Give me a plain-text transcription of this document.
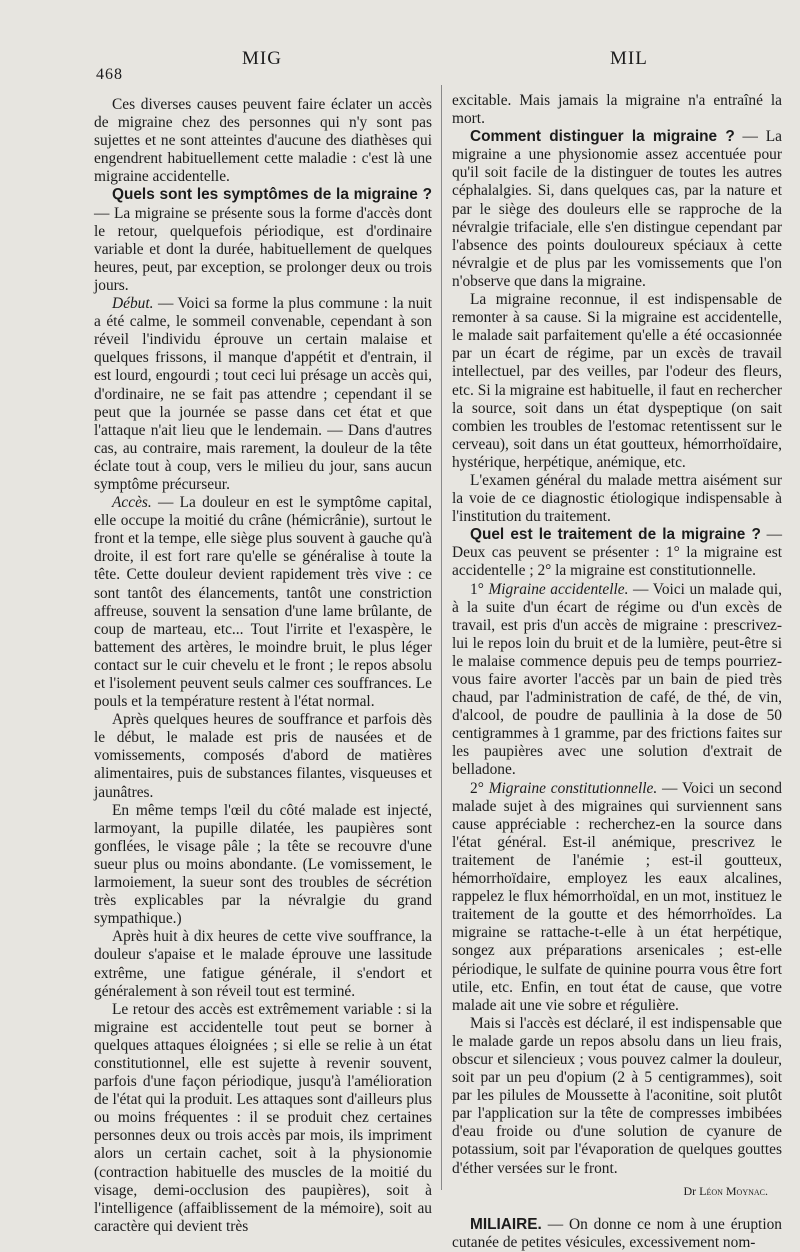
468
MIG	MIL

Ces diverses causes peuvent faire éclater un accès de migraine chez des personnes qui n'y sont pas sujettes et ne sont atteintes d'aucune des diathèses qui engendrent habituellement cette maladie : c'est là une migraine accidentelle.

Quels sont les symptômes de la migraine ? — La migraine se présente sous la forme d'accès dont le retour, quelquefois périodique, est d'ordinaire variable et dont la durée, habituellement de quelques heures, peut, par exception, se prolonger deux ou trois jours.

Début. — Voici sa forme la plus commune : la nuit a été calme, le sommeil convenable, cependant à son réveil l'individu éprouve un certain malaise et quelques frissons, il manque d'appétit et d'entrain, il est lourd, engourdi ; tout ceci lui présage un accès qui, d'ordinaire, ne se fait pas attendre ; cependant il se peut que la journée se passe dans cet état et que l'attaque n'ait lieu que le lendemain. — Dans d'autres cas, au contraire, mais rarement, la douleur de la tête éclate tout à coup, vers le milieu du jour, sans aucun symptôme précurseur.

Accès. — La douleur en est le symptôme capital, elle occupe la moitié du crâne (hémicrânie), surtout le front et la tempe, elle siège plus souvent à gauche qu'à droite, il est fort rare qu'elle se généralise à toute la tête. Cette douleur devient rapidement très vive : ce sont tantôt des élancements, tantôt une constriction affreuse, souvent la sensation d'une lame brûlante, de coup de marteau, etc... Tout l'irrite et l'exaspère, le battement des artères, le moindre bruit, le plus léger contact sur le cuir chevelu et le front ; le repos absolu et l'isolement peuvent seuls calmer ces souffrances. Le pouls et la température restent à l'état normal.

Après quelques heures de souffrance et parfois dès le début, le malade est pris de nausées et de vomissements, composés d'abord de matières alimentaires, puis de substances filantes, visqueuses et jaunâtres.

En même temps l'œil du côté malade est injecté, larmoyant, la pupille dilatée, les paupières sont gonflées, le visage pâle ; la tête se recouvre d'une sueur plus ou moins abondante. (Le vomissement, le larmoiement, la sueur sont des troubles de sécrétion très explicables par la névralgie du grand sympathique.)

Après huit à dix heures de cette vive souffrance, la douleur s'apaise et le malade éprouve une lassitude extrême, une fatigue générale, il s'endort et généralement à son réveil tout est terminé.

Le retour des accès est extrêmement variable : si la migraine est accidentelle tout peut se borner à quelques attaques éloignées ; si elle se relie à un état constitutionnel, elle est sujette à revenir souvent, parfois d'une façon périodique, jusqu'à l'amélioration de l'état qui la produit. Les attaques sont d'ailleurs plus ou moins fréquentes : il se produit chez certaines personnes deux ou trois accès par mois, ils impriment alors un certain cachet, soit à la physionomie (contraction habituelle des muscles de la moitié du visage, demi-occlusion des paupières), soit à l'intelligence (affaiblissement de la mémoire), soit au caractère qui devient très

excitable. Mais jamais la migraine n'a entraîné la mort.

Comment distinguer la migraine ? — La migraine a une physionomie assez accentuée pour qu'il soit facile de la distinguer de toutes les autres céphalalgies. Si, dans quelques cas, par la nature et par le siège des douleurs elle se rapproche de la névralgie trifaciale, elle s'en distingue cependant par l'absence des points douloureux spéciaux à cette névralgie et de plus par les vomissements que l'on n'observe que dans la migraine.

La migraine reconnue, il est indispensable de remonter à sa cause. Si la migraine est accidentelle, le malade sait parfaitement qu'elle a été occasionnée par un écart de régime, par un excès de travail intellectuel, par des veilles, par l'odeur des fleurs, etc. Si la migraine est habituelle, il faut en rechercher la source, soit dans un état dyspeptique (on sait combien les troubles de l'estomac retentissent sur le cerveau), soit dans un état goutteux, hémorrhoïdaire, hystérique, herpétique, anémique, etc.

L'examen général du malade mettra aisément sur la voie de ce diagnostic étiologique indispensable à l'institution du traitement.

Quel est le traitement de la migraine ? — Deux cas peuvent se présenter : 1° la migraine est accidentelle ; 2° la migraine est constitutionnelle.

1° Migraine accidentelle. — Voici un malade qui, à la suite d'un écart de régime ou d'un excès de travail, est pris d'un accès de migraine : prescrivez-lui le repos loin du bruit et de la lumière, peut-être si le malaise commence depuis peu de temps pourriez-vous faire avorter l'accès par un bain de pied très chaud, par l'administration de café, de thé, de vin, d'alcool, de poudre de paullinia à la dose de 50 centigrammes à 1 gramme, par des frictions faites sur les paupières avec une solution d'extrait de belladone.

2° Migraine constitutionnelle. — Voici un second malade sujet à des migraines qui surviennent sans cause appréciable : recherchez-en la source dans l'état général. Est-il anémique, prescrivez le traitement de l'anémie ; est-il goutteux, hémorrhoïdaire, employez les eaux alcalines, rappelez le flux hémorrhoïdal, en un mot, instituez le traitement de la goutte et des hémorrhoïdes. La migraine se rattache-t-elle à un état herpétique, songez aux préparations arsenicales ; est-elle périodique, le sulfate de quinine pourra vous être fort utile, etc. Enfin, en tout état de cause, que votre malade ait une vie sobre et régulière.

Mais si l'accès est déclaré, il est indispensable que le malade garde un repos absolu dans un lieu frais, obscur et silencieux ; vous pouvez calmer la douleur, soit par un peu d'opium (2 à 5 centigrammes), soit par les pilules de Moussette à l'aconitine, soit plutôt par l'application sur la tête de compresses imbibées d'eau froide ou d'une solution de cyanure de potassium, soit par l'évaporation de quelques gouttes d'éther versées sur le front.

Dr Léon Moynac.

MILIAIRE. — On donne ce nom à une éruption cutanée de petites vésicules, excessivement nom-
